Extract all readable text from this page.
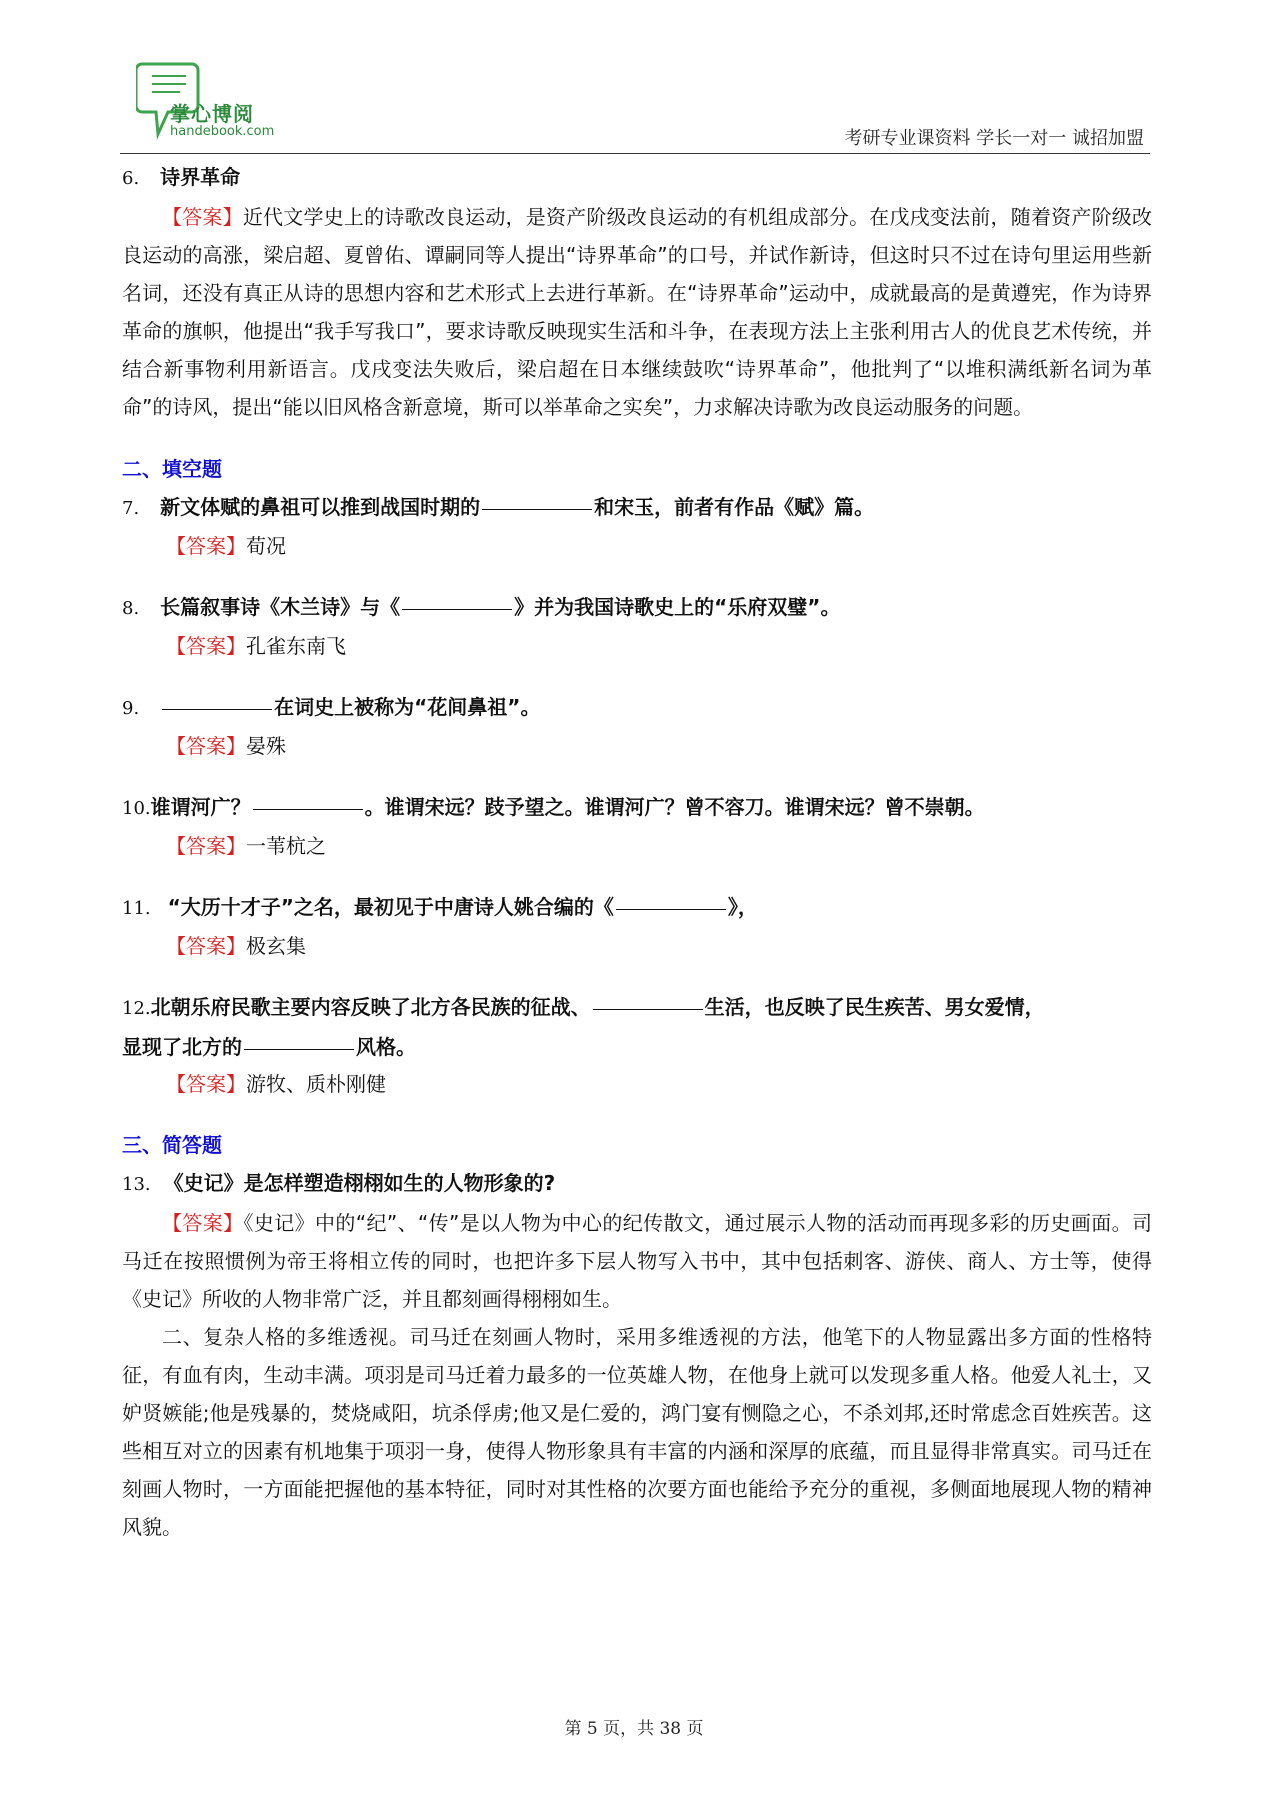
掌心博阅
handebook.com	考研专业课资料 学长一对一 诚招加盟
6. 诗界革命
【答案】近代文学史上的诗歌改良运动，是资产阶级改良运动的有机组成部分。在戊戌变法前，随着资产阶级改良运动的高涨，梁启超、夏曾佑、谭嗣同等人提出“诗界革命”的口号，并试作新诗，但这时只不过在诗句里运用些新名词，还没有真正从诗的思想内容和艺术形式上去进行革新。在“诗界革命”运动中，成就最高的是黄遵宪，作为诗界革命的旗帜，他提出“我手写我口”，要求诗歌反映现实生活和斗争，在表现方法上主张利用古人的优良艺术传统，并结合新事物利用新语言。戊戌变法失败后，梁启超在日本继续鼓吹“诗界革命”，他批判了“以堆积满纸新名词为革命”的诗风，提出“能以旧风格含新意境，斯可以举革命之实矣”，力求解决诗歌为改良运动服务的问题。
二、填空题
7. 新文体赋的鼻祖可以推到战国时期的	和宋玉，前者有作品《赋》篇。
【答案】荀况
8. 长篇叙事诗《木兰诗》与《	》并为我国诗歌史上的“乐府双璧”。
【答案】孔雀东南飞
9.	在词史上被称为“花间鼻祖”。
【答案】晏殊
10.谁谓河广？	。谁谓宋远？跂予望之。谁谓河广？曾不容刀。谁谓宋远？曾不崇朝。
【答案】一苇杭之
11. “大历十才子”之名，最初见于中唐诗人姚合编的《	》，
【答案】极玄集
12.北朝乐府民歌主要内容反映了北方各民族的征战、	生活，也反映了民生疾苦、男女爱情，
显现了北方的	风格。
【答案】游牧、质朴刚健
三、简答题
13. 《史记》是怎样塑造栩栩如生的人物形象的?
【答案】《史记》中的“纪”、“传”是以人物为中心的纪传散文，通过展示人物的活动而再现多彩的历史画面。司马迁在按照惯例为帝王将相立传的同时，也把许多下层人物写入书中，其中包括刺客、游侠、商人、方士等，使得《史记》所收的人物非常广泛，并且都刻画得栩栩如生。
二、复杂人格的多维透视。司马迁在刻画人物时，采用多维透视的方法，他笔下的人物显露出多方面的性格特征，有血有肉，生动丰满。项羽是司马迁着力最多的一位英雄人物，在他身上就可以发现多重人格。他爱人礼士，又妒贤嫉能;他是残暴的，焚烧咸阳，坑杀俘虏;他又是仁爱的，鸿门宴有恻隐之心，不杀刘邦,还时常虑念百姓疾苦。这些相互对立的因素有机地集于项羽一身，使得人物形象具有丰富的内涵和深厚的底蕴，而且显得非常真实。司马迁在刻画人物时，一方面能把握他的基本特征，同时对其性格的次要方面也能给予充分的重视，多侧面地展现人物的精神风貌。
第 5 页，共 38 页
